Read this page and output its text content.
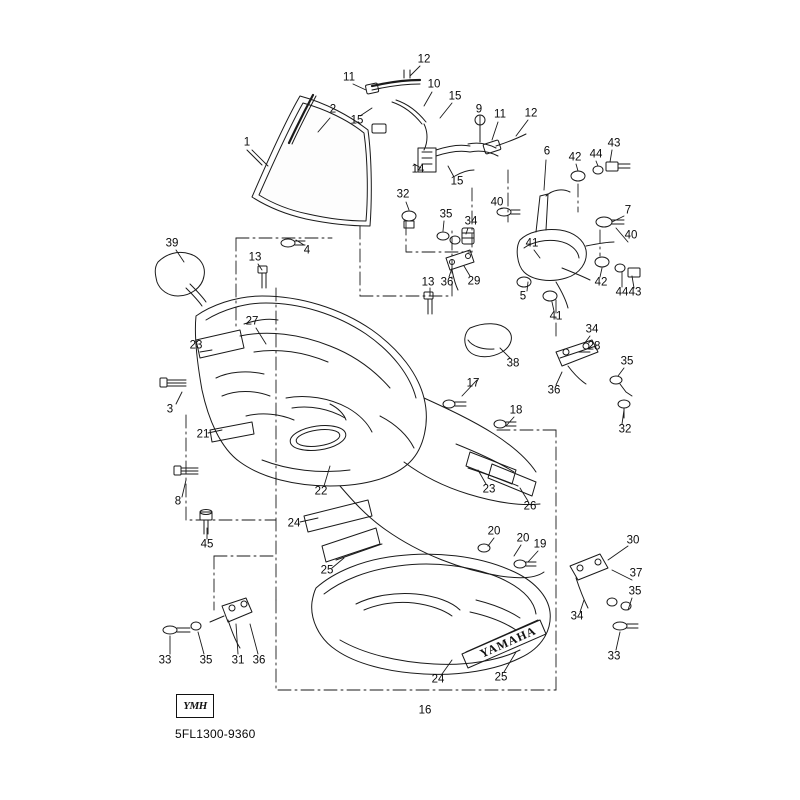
YAMAHA
YMH
5FL1300-9360
1
2
3
4
5
6
7
8
9
10
11
11
12
12
13
13
14
15
15
15
16
17
18
19
20
20
21
22
23
23
24
24
25
25
26
27
28
29
30
31
32
32
33	33
34
34
34
35
35
35
35
36
36
36
37
38
39
40
40
41
41
42
42
43
43
44
44
45
